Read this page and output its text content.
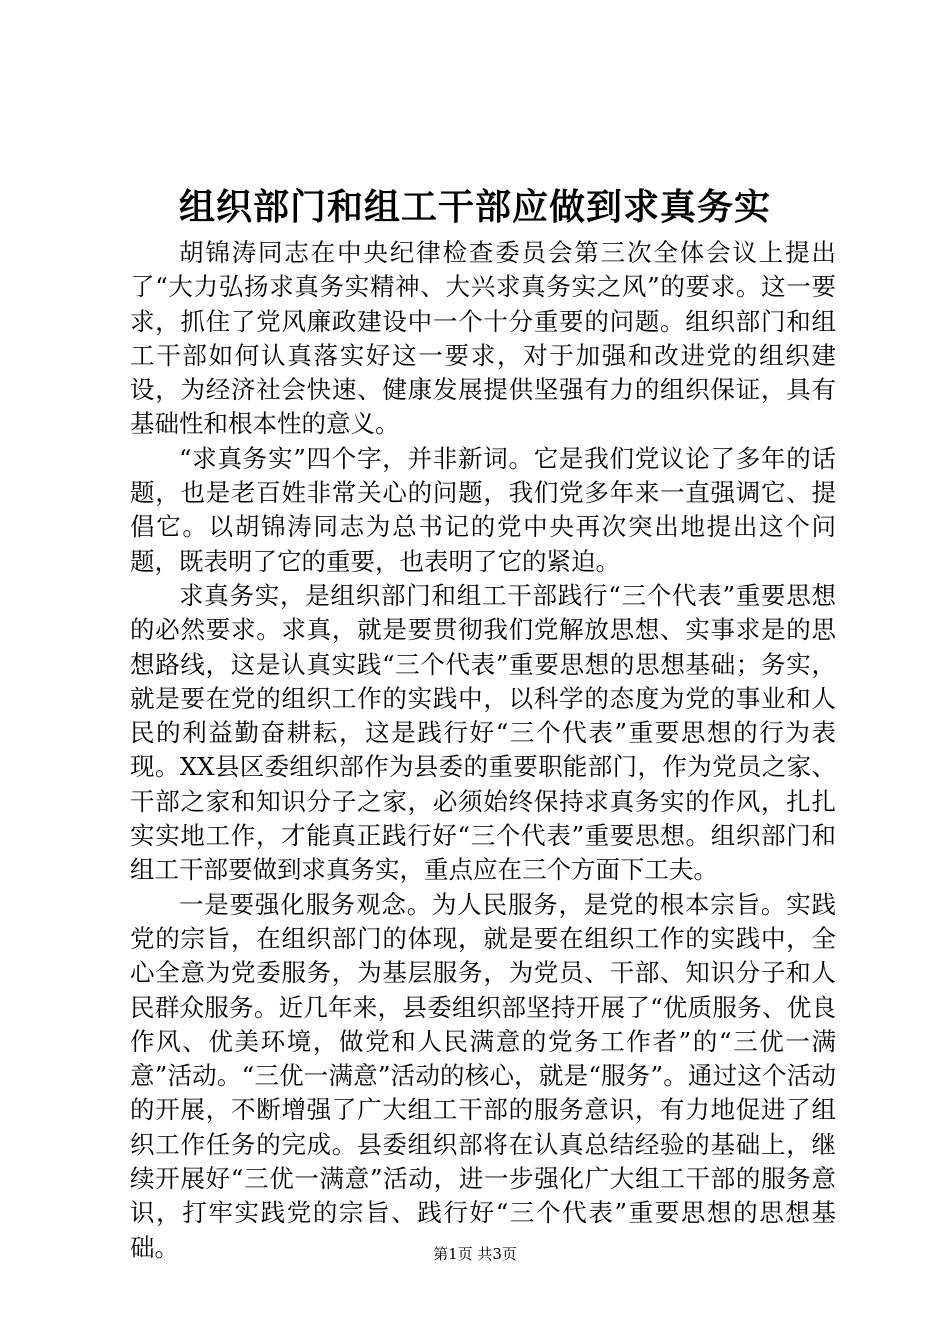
组织部门和组工干部应做到求真务实

胡锦涛同志在中央纪律检查委员会第三次全体会议上提出了“大力弘扬求真务实精神、大兴求真务实之风”的要求。这一要求，抓住了党风廉政建设中一个十分重要的问题。组织部门和组工干部如何认真落实好这一要求，对于加强和改进党的组织建设，为经济社会快速、健康发展提供坚强有力的组织保证，具有基础性和根本性的意义。

“求真务实”四个字，并非新词。它是我们党议论了多年的话题，也是老百姓非常关心的问题，我们党多年来一直强调它、提倡它。以胡锦涛同志为总书记的党中央再次突出地提出这个问题，既表明了它的重要，也表明了它的紧迫。

求真务实，是组织部门和组工干部践行“三个代表”重要思想的必然要求。求真，就是要贯彻我们党解放思想、实事求是的思想路线，这是认真实践“三个代表”重要思想的思想基础；务实，就是要在党的组织工作的实践中，以科学的态度为党的事业和人民的利益勤奋耕耘，这是践行好“三个代表”重要思想的行为表现。XX县区委组织部作为县委的重要职能部门，作为党员之家、干部之家和知识分子之家，必须始终保持求真务实的作风，扎扎实实地工作，才能真正践行好“三个代表”重要思想。组织部门和组工干部要做到求真务实，重点应在三个方面下工夫。

一是要强化服务观念。为人民服务，是党的根本宗旨。实践党的宗旨，在组织部门的体现，就是要在组织工作的实践中，全心全意为党委服务，为基层服务，为党员、干部、知识分子和人民群众服务。近几年来，县委组织部坚持开展了“优质服务、优良作风、优美环境，做党和人民满意的党务工作者”的“三优一满意”活动。“三优一满意”活动的核心，就是“服务”。通过这个活动的开展，不断增强了广大组工干部的服务意识，有力地促进了组织工作任务的完成。县委组织部将在认真总结经验的基础上，继续开展好“三优一满意”活动，进一步强化广大组工干部的服务意识，打牢实践党的宗旨、践行好“三个代表”重要思想的思想基础。	第1页 共3页
